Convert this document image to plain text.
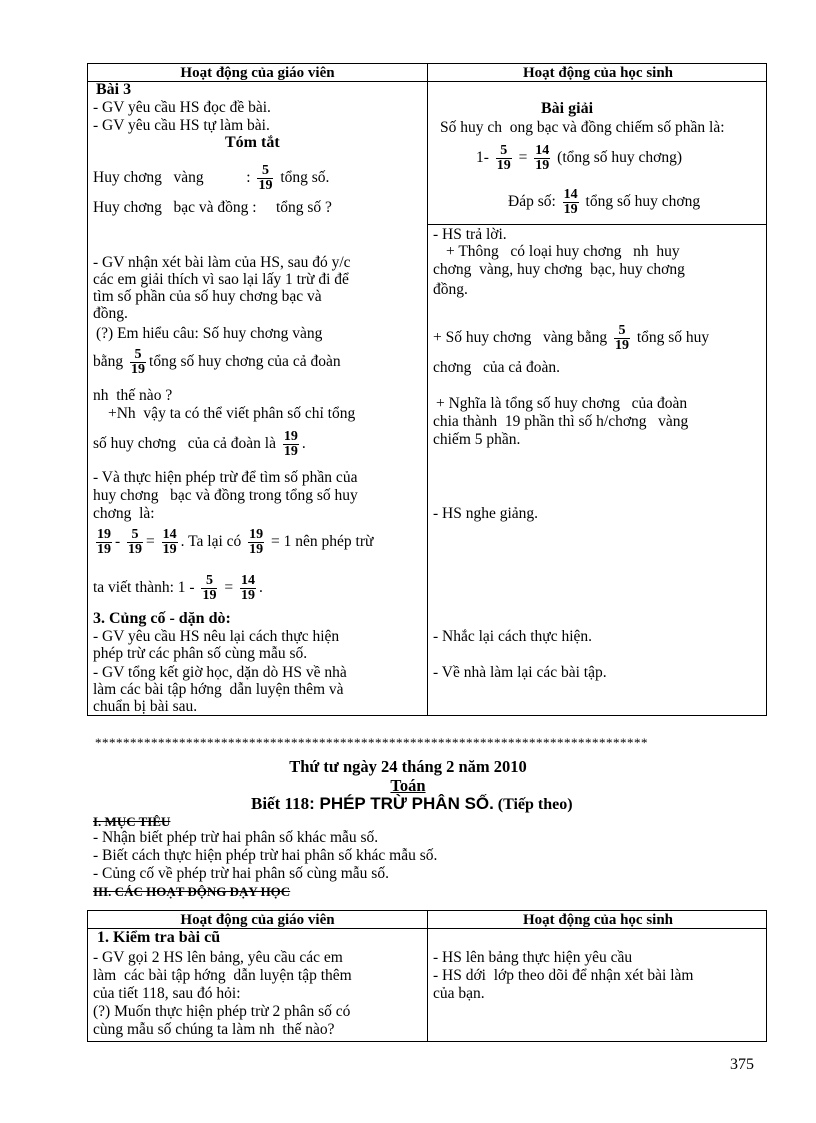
Hoạt động của giáo viên	Hoạt động của học sinh
Bài 3
- GV yêu cầu HS đọc đề bài.
- GV yêu cầu HS tự làm bài.
Tóm tắt
Huy chơng   vàng           : $\frac{5}{19}$ tổng số.
Huy chơng   bạc và đồng :     tổng số ?
- GV nhận xét bài làm của HS, sau đó y/c
các em giải thích vì sao lại lấy 1 trừ đi để
tìm số phần của số huy chơng bạc và
đồng.
(?) Em hiểu câu: Số huy chơng vàng
bằng $\frac{5}{19}$ tổng số huy chơng của cả đoàn
nh  thế nào ?
+Nh  vậy ta có thể viết phân số chỉ tổng
số huy chơng   của cả đoàn là $\frac{19}{19}$ .
- Và thực hiện phép trừ để tìm số phần của
huy chơng   bạc và đồng trong tổng số huy
chơng  là:
$\frac{19}{19} - \frac{5}{19} = \frac{14}{19}$ . Ta lại có $\frac{19}{19} = 1$ nên phép trừ
ta viết thành: $1 - \frac{5}{19} = \frac{14}{19}$ .
3. Củng cố - dặn dò:
- GV yêu cầu HS nêu lại cách thực hiện
phép trừ các phân số cùng mẫu số.
- GV tổng kết giờ học, dặn dò HS về nhà
làm các bài tập hớng  dẫn luyện thêm và
chuẩn bị bài sau.
Bài giải
Số huy ch  ong bạc và đồng chiếm số phần là:
$1- \frac{5}{19} = \frac{14}{19}$ (tổng số huy chơng)
Đáp số: $\frac{14}{19}$ tổng số huy chơng
- HS trả lời.
+ Thông   có loại huy chơng   nh  huy
chơng  vàng, huy chơng  bạc, huy chơng
đồng.
+ Số huy chơng   vàng bằng $\frac{5}{19}$ tổng số huy
chơng   của cả đoàn.
+ Nghĩa là tổng số huy chơng   của đoàn
chia thành  19 phần thì số h/chơng   vàng
chiếm 5 phần.
- HS nghe giảng.
- Nhắc lại cách thực hiện.
- Về nhà làm lại các bài tập.
*******************************************************************************
Thứ tư ngày 24 tháng 2 năm 2010
Toán
Biết 118: PHÉP TRỪ PHÂN SỐ. (Tiếp theo)
I. MỤC TIÊU
- Nhận biết phép trừ hai phân số khác mẫu số.
- Biết cách thực hiện phép trừ hai phân số khác mẫu số.
- Củng cố về phép trừ hai phân số cùng mẫu số.
III. CÁC HOẠT ĐỘNG DẠY HỌC
Hoạt động của giáo viên	Hoạt động của học sinh
1. Kiểm tra bài cũ
- GV gọi 2 HS lên bảng, yêu cầu các em
làm  các bài tập hớng  dẫn luyện tập thêm
của tiết 118, sau đó hỏi:
(?) Muốn thực hiện phép trừ 2 phân số có
cùng mẫu số chúng ta làm nh  thế nào?
- HS lên bảng thực hiện yêu cầu
- HS dới  lớp theo dõi để nhận xét bài làm
của bạn.
375
